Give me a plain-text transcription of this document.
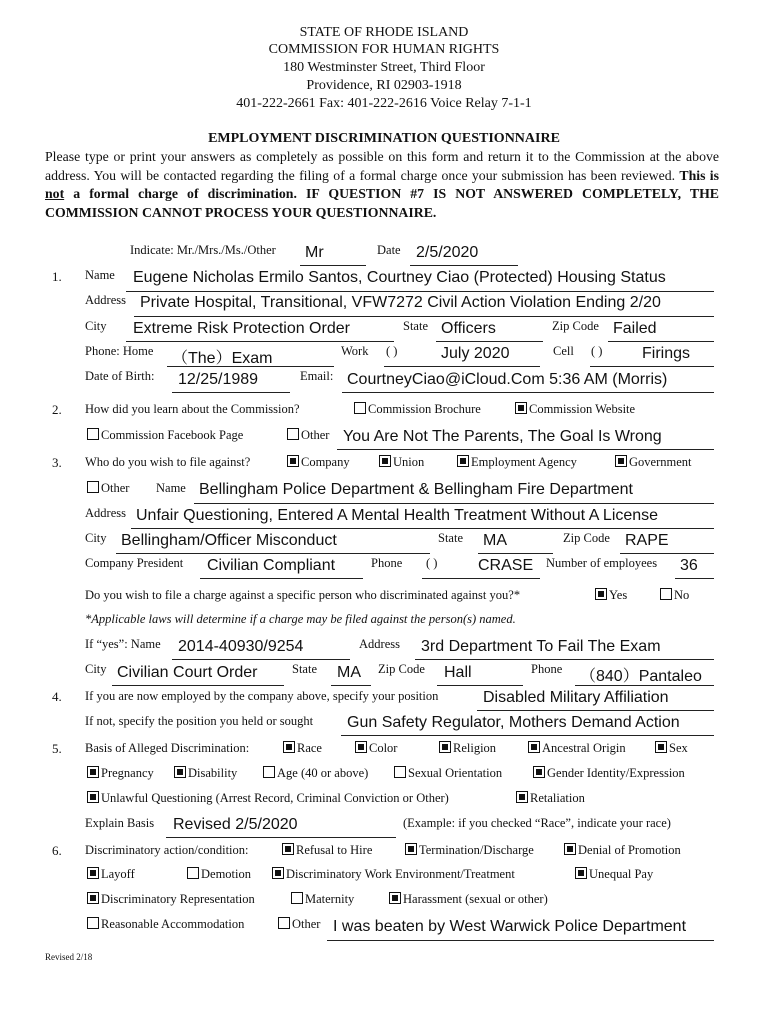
STATE OF RHODE ISLAND
COMMISSION FOR HUMAN RIGHTS
180 Westminster Street, Third Floor
Providence, RI 02903-1918
401-222-2661 Fax: 401-222-2616 Voice Relay 7-1-1
EMPLOYMENT DISCRIMINATION QUESTIONNAIRE
Please type or print your answers as completely as possible on this form and return it to the Commission at the above address. You will be contacted regarding the filing of a formal charge once your submission has been reviewed. This is not a formal charge of discrimination. IF QUESTION #7 IS NOT ANSWERED COMPLETELY, THE COMMISSION CANNOT PROCESS YOUR QUESTIONNAIRE.
Indicate: Mr./Mrs./Ms./Other Mr	Date 2/5/2020
1. Name Eugene Nicholas Ermilo Santos, Courtney Ciao (Protected) Housing Status
Address Private Hospital, Transitional, VFW7272 Civil Action Violation Ending 2/20
City Extreme Risk Protection Order	State Officers	Zip Code Failed
Phone: Home （The）Exam	Work ( )	July 2020	Cell ( ) Firings
Date of Birth: 12/25/1989	Email: CourtneyCiao@iCloud.Com 5:36 AM (Morris)
2. How did you learn about the Commission?	Commission Brochure	Commission Website
Commission Facebook Page	Other You Are Not The Parents, The Goal Is Wrong
3. Who do you wish to file against?	Company	Union	Employment Agency	Government
Other Name Bellingham Police Department & Bellingham Fire Department
Address Unfair Questioning, Entered A Mental Health Treatment Without A License
City Bellingham/Officer Misconduct	State MA	Zip Code RAPE
Company President Civilian Compliant	Phone ( )	CRASE Number of employees 36
Do you wish to file a charge against a specific person who discriminated against you?*	Yes	No
*Applicable laws will determine if a charge may be filed against the person(s) named.
If “yes”: Name 2014-40930/9254	Address 3rd Department To Fail The Exam
City Civilian Court Order	State MA Zip Code Hall	Phone （840）Pantaleo
4. If you are now employed by the company above, specify your position	Disabled Military Affiliation
If not, specify the position you held or sought Gun Safety Regulator, Mothers Demand Action
5. Basis of Alleged Discrimination:	Race	Color	Religion	Ancestral Origin	Sex
Pregnancy	Disability	Age (40 or above)	Sexual Orientation	Gender Identity/Expression
Unlawful Questioning (Arrest Record, Criminal Conviction or Other)	Retaliation
Explain Basis Revised 2/5/2020	(Example: if you checked “Race”, indicate your race)
6. Discriminatory action/condition:	Refusal to Hire	Termination/Discharge	Denial of Promotion
Layoff	Demotion	Discriminatory Work Environment/Treatment	Unequal Pay
Discriminatory Representation	Maternity	Harassment (sexual or other)
Reasonable Accommodation	Other I was beaten by West Warwick Police Department
Revised 2/18
